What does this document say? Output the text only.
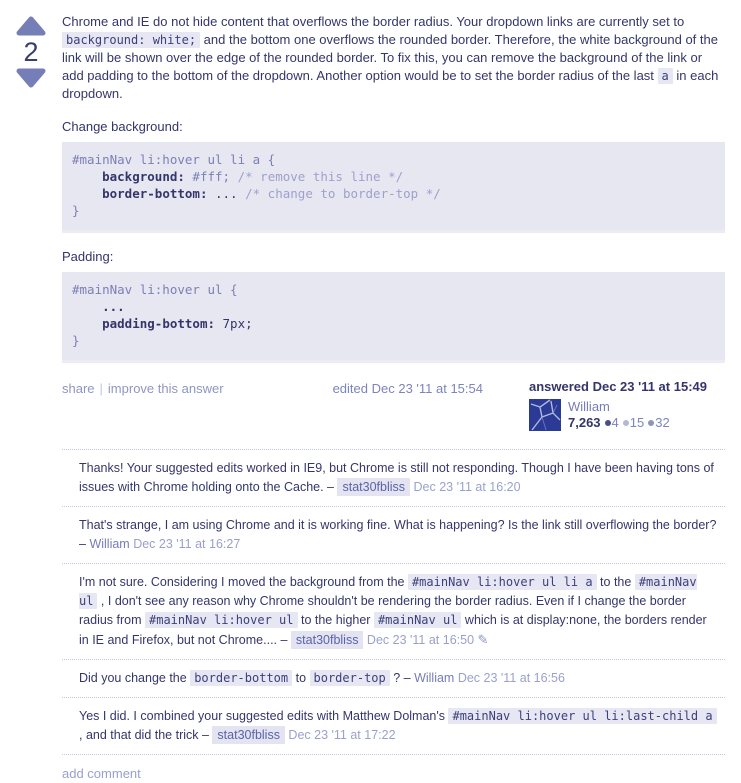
2

Chrome and IE do not hide content that overflows the border radius. Your dropdown links are currently set to background: white; and the bottom one overflows the rounded border. Therefore, the white background of the link will be shown over the edge of the rounded border. To fix this, you can remove the background of the link or add padding to the bottom of the dropdown. Another option would be to set the border radius of the last a in each dropdown.

Change background:

#mainNav li:hover ul li a {
background: #fff; /* remove this line */
border-bottom: ... /* change to border-top */
}

Padding:

#mainNav li:hover ul {
...
padding-bottom: 7px;
}
share | improve this answer	edited Dec 23 '11 at 15:54	answered Dec 23 '11 at 15:49
William
7,263 4 15 32
Thanks! Your suggested edits worked in IE9, but Chrome is still not responding. Though I have been having tons of issues with Chrome holding onto the Cache. – stat30fbliss Dec 23 '11 at 16:20
That's strange, I am using Chrome and it is working fine. What is happening? Is the link still overflowing the border? – William Dec 23 '11 at 16:27
I'm not sure. Considering I moved the background from the #mainNav li:hover ul li a to the #mainNav ul , I don't see any reason why Chrome shouldn't be rendering the border radius. Even if I change the border radius from #mainNav li:hover ul to the higher #mainNav ul which is at display:none, the borders render in IE and Firefox, but not Chrome.... – stat30fbliss Dec 23 '11 at 16:50 ✎
Did you change the border-bottom to border-top ? – William Dec 23 '11 at 16:56
Yes I did. I combined your suggested edits with Matthew Dolman's #mainNav li:hover ul li:last-child a , and that did the trick – stat30fbliss Dec 23 '11 at 17:22
add comment
